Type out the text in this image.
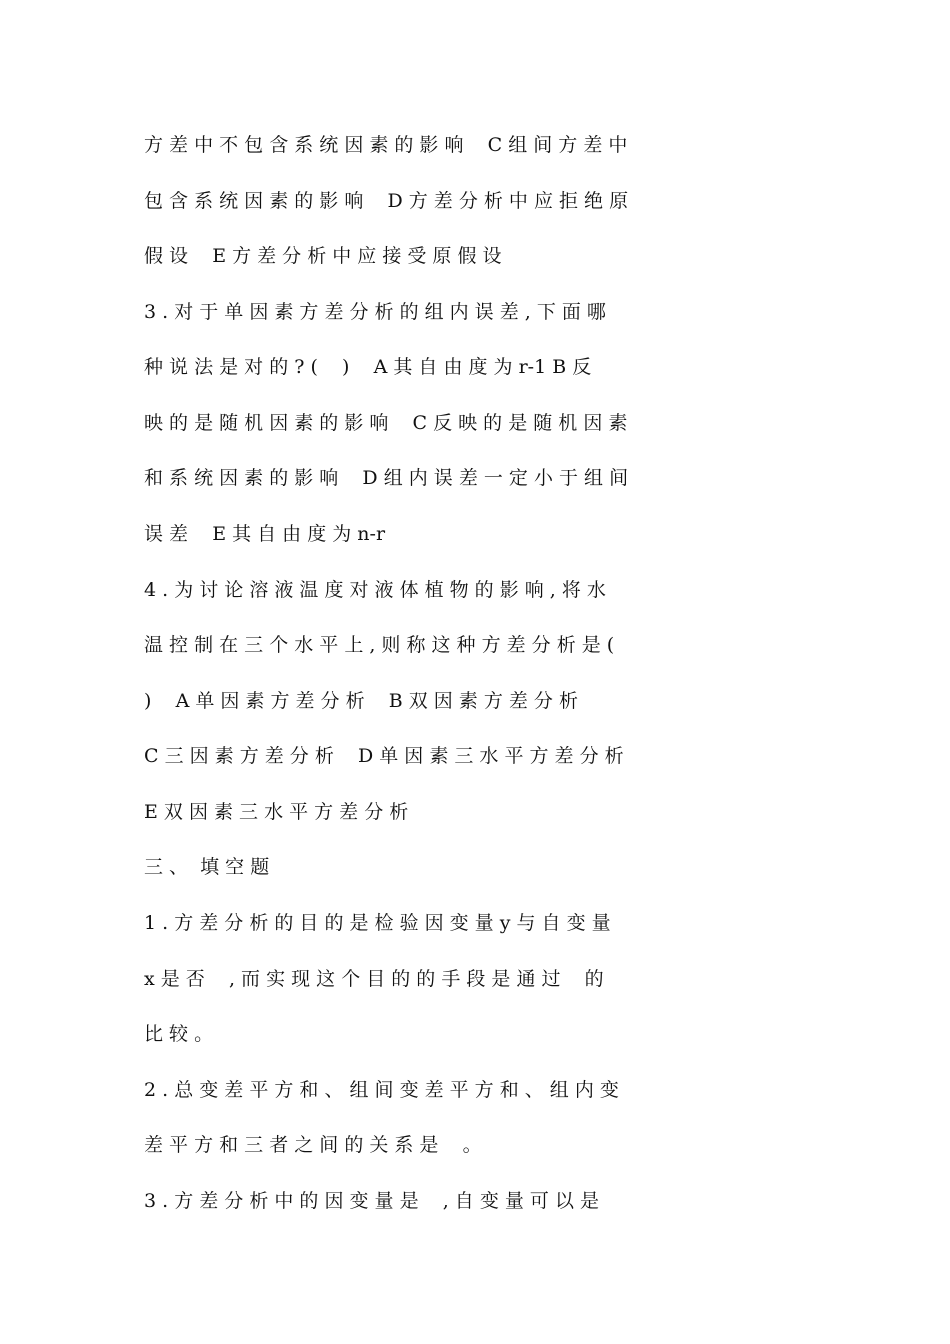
方 差 中 不 包 含 系 统 因 素 的 影 响    C 组 间 方 差 中
包 含 系 统 因 素 的 影 响    D 方 差 分 析 中 应 拒 绝 原
假 设    E 方 差 分 析 中 应 接 受 原 假 设
3 . 对 于 单 因 素 方 差 分 析 的 组 内 误 差 , 下 面 哪
种 说 法 是 对 的 ? (    )    A 其 自 由 度 为 r-1 B 反
映 的 是 随 机 因 素 的 影 响    C 反 映 的 是 随 机 因 素
和 系 统 因 素 的 影 响    D 组 内 误 差 一 定 小 于 组 间
误 差    E 其 自 由 度 为 n-r
4 . 为 讨 论 溶 液 温 度 对 液 体 植 物 的 影 响 , 将 水
温 控 制 在 三 个 水 平 上 , 则 称 这 种 方 差 分 析 是 (
)    A 单 因 素 方 差 分 析    B 双 因 素 方 差 分 析
C 三 因 素 方 差 分 析    D 单 因 素 三 水 平 方 差 分 析
E 双 因 素 三 水 平 方 差 分 析
三 、  填 空 题
1 . 方 差 分 析 的 目 的 是 检 验 因 变 量 y 与 自 变 量
x 是 否    , 而 实 现 这 个 目 的 的 手 段 是 通 过    的
比 较 。
2 . 总 变 差 平 方 和 、 组 间 变 差 平 方 和 、 组 内 变
差 平 方 和 三 者 之 间 的 关 系 是    。
3 . 方 差 分 析 中 的 因 变 量 是    , 自 变 量 可 以 是
